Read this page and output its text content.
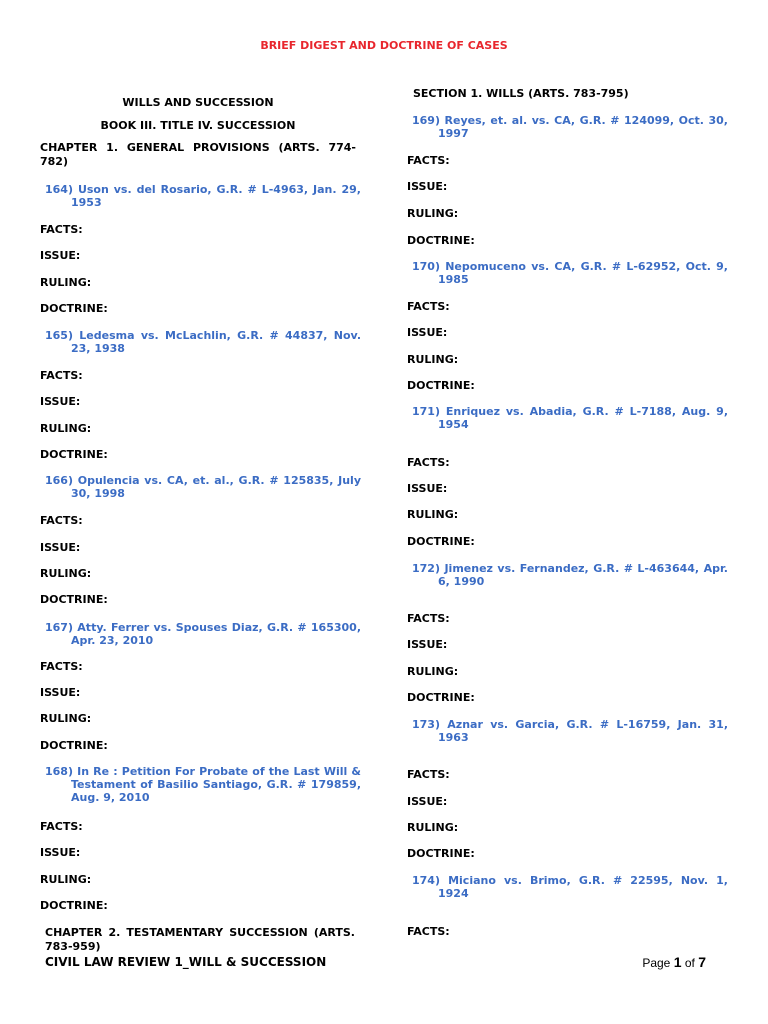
BRIEF DIGEST AND DOCTRINE OF CASES
WILLS AND SUCCESSION
BOOK III. TITLE IV. SUCCESSION
CHAPTER 1. GENERAL PROVISIONS (ARTS. 774-782)
164) Uson vs. del Rosario, G.R. # L-4963, Jan. 29, 1953
FACTS:
ISSUE:
RULING:
DOCTRINE:
165) Ledesma vs. McLachlin, G.R. # 44837, Nov. 23, 1938
FACTS:
ISSUE:
RULING:
DOCTRINE:
166) Opulencia vs. CA, et. al., G.R. # 125835, July 30, 1998
FACTS:
ISSUE:
RULING:
DOCTRINE:
167) Atty. Ferrer vs. Spouses Diaz, G.R. # 165300, Apr. 23, 2010
FACTS:
ISSUE:
RULING:
DOCTRINE:
168) In Re : Petition For Probate of the Last Will & Testament of Basilio Santiago, G.R. # 179859, Aug. 9, 2010
FACTS:
ISSUE:
RULING:
DOCTRINE:
CHAPTER 2. TESTAMENTARY SUCCESSION (ARTS. 783-959)
SECTION 1. WILLS (ARTS. 783-795)
169) Reyes, et. al. vs. CA, G.R. # 124099, Oct. 30, 1997
FACTS:
ISSUE:
RULING:
DOCTRINE:
170) Nepomuceno vs. CA, G.R. # L-62952, Oct. 9, 1985
FACTS:
ISSUE:
RULING:
DOCTRINE:
171) Enriquez vs. Abadia, G.R. # L-7188, Aug. 9, 1954
FACTS:
ISSUE:
RULING:
DOCTRINE:
172) Jimenez vs. Fernandez, G.R. # L-463644, Apr. 6, 1990
FACTS:
ISSUE:
RULING:
DOCTRINE:
173) Aznar vs. Garcia, G.R. # L-16759, Jan. 31, 1963
FACTS:
ISSUE:
RULING:
DOCTRINE:
174) Miciano vs. Brimo, G.R. # 22595, Nov. 1, 1924
FACTS:
CIVIL LAW REVIEW 1_WILL & SUCCESSION	Page 1 of 7
